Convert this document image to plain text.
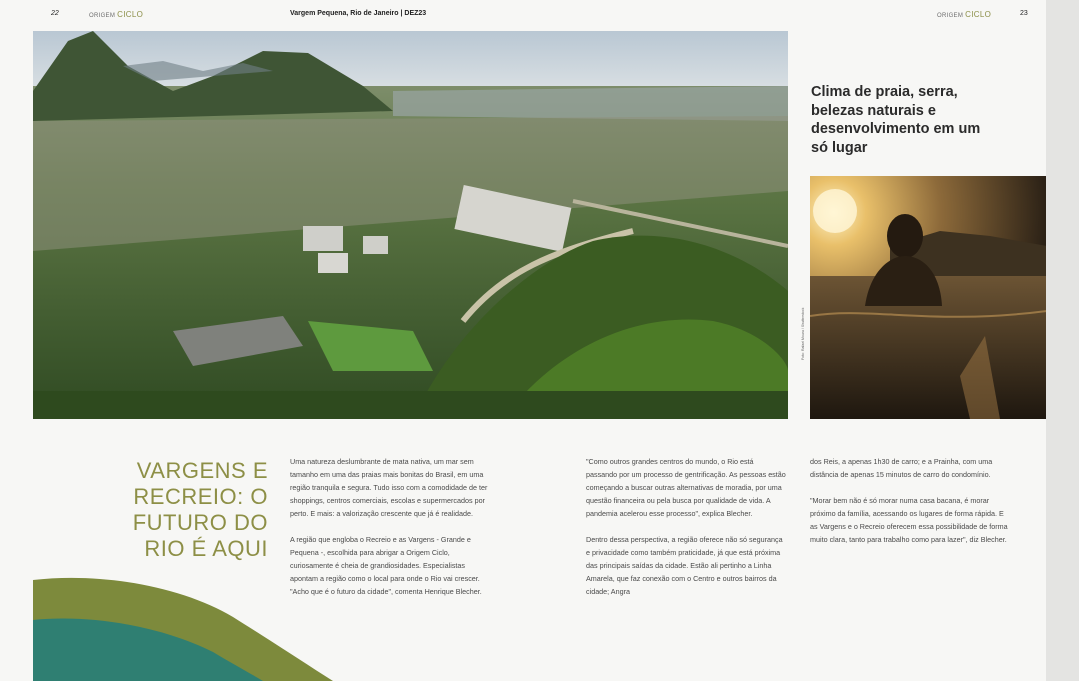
22	ORIGEM CICLO	Vargem Pequena, Rio de Janeiro | DEZ23	ORIGEM CICLO	23
Clima de praia, serra, belezas naturais e desenvolvimento em um só lugar
Foto: Rafael Moura / Shutterstock
VARGENS E
RECREIO: O
FUTURO DO
RIO É AQUI

Uma natureza deslumbrante de mata nativa, um mar sem tamanho em uma das praias mais bonitas do Brasil, em uma região tranquila e segura. Tudo isso com a comodidade de ter shoppings, centros comerciais, escolas e supermercados por perto. E mais: a valorização crescente que já é realidade.

A região que engloba o Recreio e as Vargens - Grande e Pequena -, escolhida para abrigar a Origem Ciclo, curiosamente é cheia de grandiosidades. Especialistas apontam a região como o local para onde o Rio vai crescer. "Acho que é o futuro da cidade", comenta Henrique Blecher.

"Como outros grandes centros do mundo, o Rio está passando por um processo de gentrificação. As pessoas estão começando a buscar outras alternativas de moradia, por uma questão financeira ou pela busca por qualidade de vida. A pandemia acelerou esse processo", explica Blecher.

Dentro dessa perspectiva, a região oferece não só segurança e privacidade como também praticidade, já que está próxima das principais saídas da cidade. Estão ali pertinho a Linha Amarela, que faz conexão com o Centro e outros bairros da cidade; Angra

dos Reis, a apenas 1h30 de carro; e a Prainha, com uma distância de apenas 15 minutos de carro do condomínio.

"Morar bem não é só morar numa casa bacana, é morar próximo da família, acessando os lugares de forma rápida. E as Vargens e o Recreio oferecem essa possibilidade de forma muito clara, tanto para trabalho como para lazer", diz Blecher.
